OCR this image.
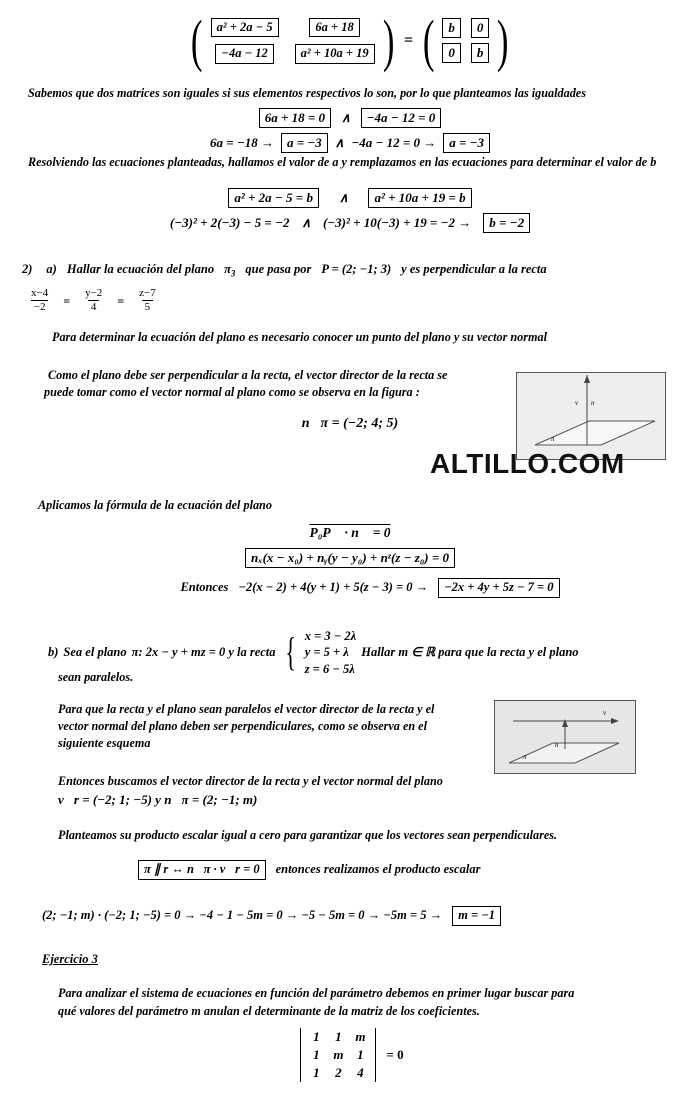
(	a² + 2a − 5	6a + 18
−4a − 12	a² + 10a + 19 ) = (	b	0
0	b )
Sabemos que dos matrices son iguales si sus elementos respectivos lo son, por lo que planteamos las igualdades
6a + 18 = 0	∧	−4a − 12 = 0
6a = −18 →	a = −3	∧ −4a − 12 = 0 →	a = −3
Resolviendo las ecuaciones planteadas, hallamos el valor de a y remplazamos en las ecuaciones para determinar el valor de b
a² + 2a − 5 = b	∧	a² + 10a + 19 = b
(−3)² + 2(−3) − 5 = −2 ∧ (−3)² + 10(−3) + 19 = −2 →	b = −2
2) a) Hallar la ecuación del plano $\pi_3$ que pasa por P = (2; −1; 3) y es perpendicular a la recta
$\frac{x-4}{-2} = \frac{y-2}{4} = \frac{z-7}{5}$
Para determinar la ecuación del plano es necesario conocer un punto del plano y su vector normal
Como el plano debe ser perpendicular a la recta, el vector director de la recta se
puede tomar como el vector normal al plano como se observa en la figura :
v⃗ n⃗
π
n⃗π = (−2; 4; 5)
ALTILLO.COM
Aplicamos la fórmula de la ecuación del plano
P₀P⃗ · n⃗ = 0
nₓ(x − x₀) + nᵧ(y − y₀) + nᶻ(z − z₀) = 0
Entonces −2(x − 2) + 4(y + 1) + 5(z − 3) = 0 →	−2x + 4y + 5z − 7 = 0
b) Sea el plano π: 2x − y + mz = 0 y la recta { x = 3 − 2λ
y = 5 + λ
z = 6 − 5λ
Hallar m ∈ ℝ para que la recta y el plano
sean paralelos.
Para que la recta y el plano sean paralelos el vector director de la recta y el
vector normal del plano deben ser perpendiculares, como se observa en el
siguiente esquema
v⃗
n⃗
π
Entonces buscamos el vector director de la recta y el vector normal del plano
v⃗r = (−2; 1; −5) y n⃗π = (2; −1; m)
Planteamos su producto escalar igual a cero para garantizar que los vectores sean perpendiculares.
π ∥ r ↔ n⃗π · v⃗r = 0	entonces realizamos el producto escalar
(2; −1; m) · (−2; 1; −5) = 0 → −4 − 1 − 5m = 0 → −5 − 5m = 0 → −5m = 5 →	m = −1
Ejercicio 3
Para analizar el sistema de ecuaciones en función del parámetro debemos en primer lugar buscar para
qué valores del parámetro m anulan el determinante de la matriz de los coeficientes.
1	1	m
1	m	1
1	2	4
= 0
